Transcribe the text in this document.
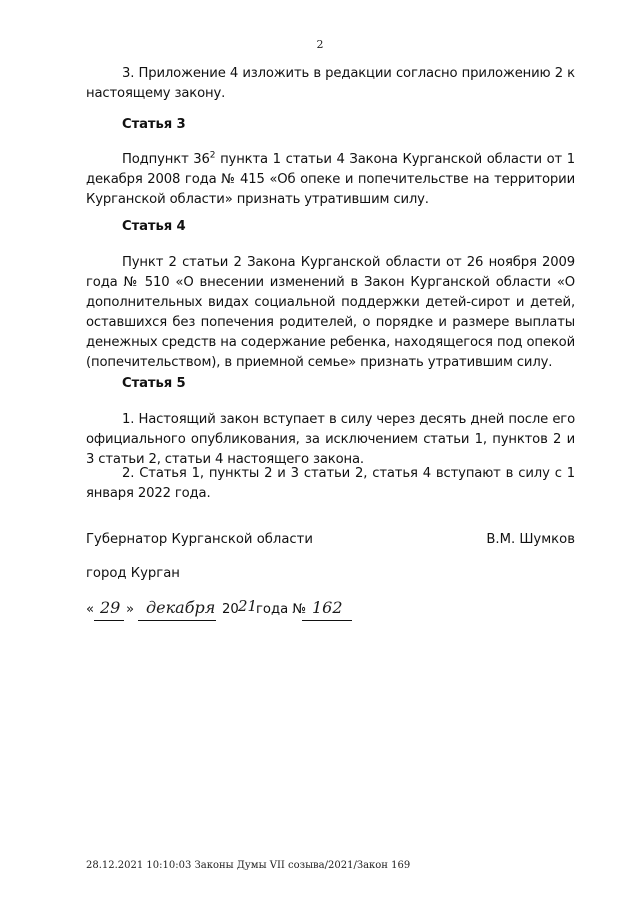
2
3. Приложение 4 изложить в редакции согласно приложению 2 к настоящему закону.
Статья 3
Подпункт $36^2$ пункта 1 статьи 4 Закона Курганской области от 1 декабря 2008 года № 415 «Об опеке и попечительстве на территории Курганской области» признать утратившим силу.
Статья 4
Пункт 2 статьи 2 Закона Курганской области от 26 ноября 2009 года № 510 «О внесении изменений в Закон Курганской области «О дополнительных видах социальной поддержки детей-сирот и детей, оставшихся без попечения родителей, о порядке и размере выплаты денежных средств на содержание ребенка, находящегося под опекой (попечительством), в приемной семье» признать утратившим силу.
Статья 5
1. Настоящий закон вступает в силу через десять дней после его официального опубликования, за исключением статьи 1, пунктов 2 и 3 статьи 2, статьи 4 настоящего закона.
2. Статья 1, пункты 2 и 3 статьи 2, статья 4 вступают в силу с 1 января 2022 года.
Губернатор Курганской области	В.М. Шумков
город Курган
« 29 » декабря 20 21
года № 162
28.12.2021 10:10:03 Законы Думы VII созыва/2021/Закон 169
